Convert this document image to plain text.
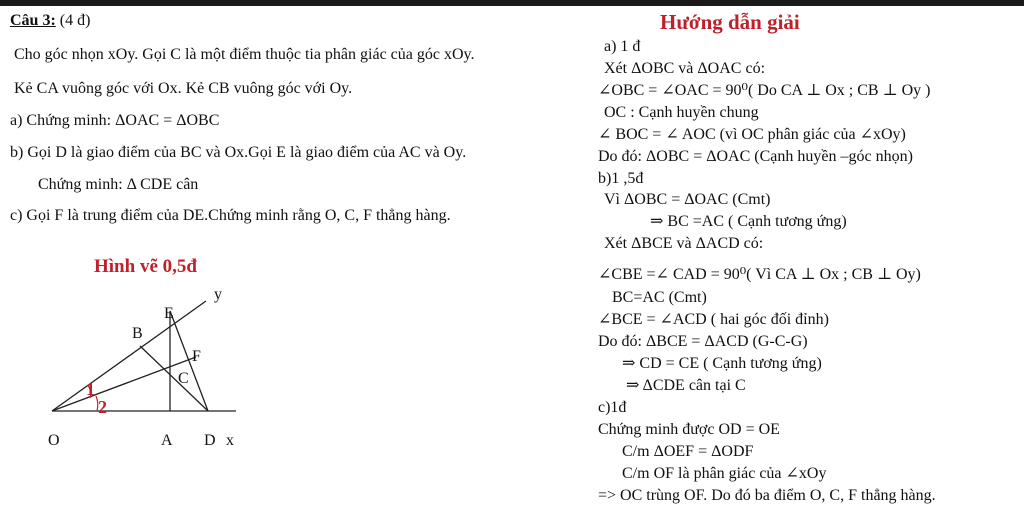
Câu 3: (4 đ)
Cho góc nhọn xOy. Gọi C là một điểm thuộc tia phân giác của góc xOy.
Kẻ CA vuông góc với Ox. Kẻ CB vuông góc với Oy.
a) Chứng minh: ΔOAC = ΔOBC
b) Gọi D là giao điểm của BC và Ox.Gọi E là giao điểm của AC và Oy.
Chứng minh: Δ CDE cân
c) Gọi F là trung điểm của DE.Chứng minh rằng O, C, F thẳng hàng.
Hình vẽ 0,5đ
y
E
B
F
C
O	A D x
1
2
Hướng dẫn giải
a) 1 đ
Xét ΔOBC và ΔOAC có:
∠OBC = ∠OAC = 90⁰( Do CA ⊥ Ox ; CB ⊥ Oy )
OC : Cạnh huyền chung
∠ BOC = ∠ AOC (vì OC phân giác của ∠xOy)
Do đó: ΔOBC = ΔOAC (Cạnh huyền –góc nhọn)
b)1 ,5đ
Vì ΔOBC = ΔOAC (Cmt)
⇒ BC =AC ( Cạnh tương ứng)
Xét ΔBCE và ΔACD có:
∠CBE =∠ CAD = 90⁰( Vì CA ⊥ Ox ; CB ⊥ Oy)
BC=AC (Cmt)
∠BCE = ∠ACD ( hai góc đối đỉnh)
Do đó: ΔBCE = ΔACD (G-C-G)
⇒ CD = CE ( Cạnh tương ứng)
⇒ ΔCDE cân tại C
c)1đ
Chứng minh được OD = OE
C/m ΔOEF = ΔODF
C/m OF là phân giác của ∠xOy
=> OC trùng OF. Do đó ba điểm O, C, F thẳng hàng.
